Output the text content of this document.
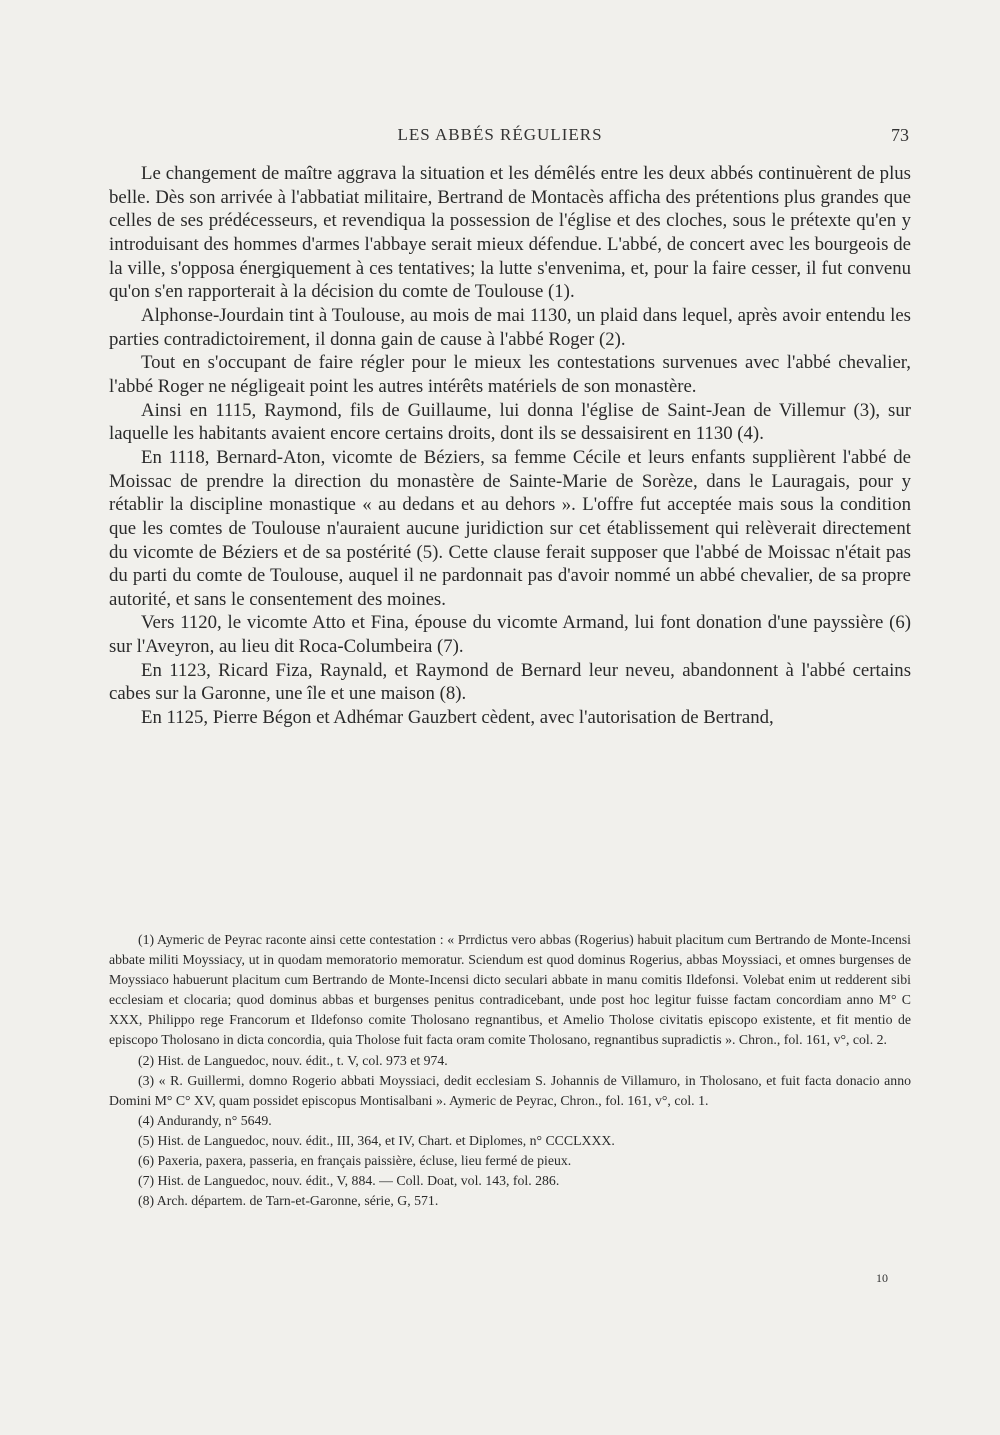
LES ABBÉS RÉGULIERS	73

Le changement de maître aggrava la situation et les démêlés entre les deux abbés continuèrent de plus belle. Dès son arrivée à l'abbatiat militaire, Bertrand de Montacès afficha des prétentions plus grandes que celles de ses prédécesseurs, et revendiqua la possession de l'église et des cloches, sous le prétexte qu'en y introduisant des hommes d'armes l'abbaye serait mieux défendue. L'abbé, de concert avec les bourgeois de la ville, s'opposa énergiquement à ces tentatives; la lutte s'envenima, et, pour la faire cesser, il fut convenu qu'on s'en rapporterait à la décision du comte de Toulouse (1).

Alphonse-Jourdain tint à Toulouse, au mois de mai 1130, un plaid dans lequel, après avoir entendu les parties contradictoirement, il donna gain de cause à l'abbé Roger (2).

Tout en s'occupant de faire régler pour le mieux les contestations survenues avec l'abbé chevalier, l'abbé Roger ne négligeait point les autres intérêts matériels de son monastère.

Ainsi en 1115, Raymond, fils de Guillaume, lui donna l'église de Saint-Jean de Villemur (3), sur laquelle les habitants avaient encore certains droits, dont ils se dessaisirent en 1130 (4).

En 1118, Bernard-Aton, vicomte de Béziers, sa femme Cécile et leurs enfants supplièrent l'abbé de Moissac de prendre la direction du monastère de Sainte-Marie de Sorèze, dans le Lauragais, pour y rétablir la discipline monastique « au dedans et au dehors ». L'offre fut acceptée mais sous la condition que les comtes de Toulouse n'auraient aucune juridiction sur cet établissement qui relèverait directement du vicomte de Béziers et de sa postérité (5). Cette clause ferait supposer que l'abbé de Moissac n'était pas du parti du comte de Toulouse, auquel il ne pardonnait pas d'avoir nommé un abbé chevalier, de sa propre autorité, et sans le consentement des moines.

Vers 1120, le vicomte Atto et Fina, épouse du vicomte Armand, lui font donation d'une payssière (6) sur l'Aveyron, au lieu dit Roca-Columbeira (7).

En 1123, Ricard Fiza, Raynald, et Raymond de Bernard leur neveu, abandonnent à l'abbé certains cabes sur la Garonne, une île et une maison (8).

En 1125, Pierre Bégon et Adhémar Gauzbert cèdent, avec l'autorisation de Bertrand,

(1) Aymeric de Peyrac raconte ainsi cette contestation : « Prrdictus vero abbas (Rogerius) habuit placitum cum Bertrando de Monte-Incensi abbate militi Moyssiacy, ut in quodam memoratorio memoratur. Sciendum est quod dominus Rogerius, abbas Moyssiaci, et omnes burgenses de Moyssiaco habuerunt placitum cum Bertrando de Monte-Incensi dicto seculari abbate in manu comitis Ildefonsi. Volebat enim ut redderent sibi ecclesiam et clocaria; quod dominus abbas et burgenses penitus contradicebant, unde post hoc legitur fuisse factam concordiam anno M° C XXX, Philippo rege Francorum et Ildefonso comite Tholosano regnantibus, et Amelio Tholose civitatis episcopo existente, et fit mentio de episcopo Tholosano in dicta concordia, quia Tholose fuit facta oram comite Tholosano, regnantibus supradictis ». Chron., fol. 161, v°, col. 2.

(2) Hist. de Languedoc, nouv. édit., t. V, col. 973 et 974.

(3) « R. Guillermi, domno Rogerio abbati Moyssiaci, dedit ecclesiam S. Johannis de Villamuro, in Tholosano, et fuit facta donacio anno Domini M° C° XV, quam possidet episcopus Montisalbani ». Aymeric de Peyrac, Chron., fol. 161, v°, col. 1.

(4) Andurandy, n° 5649.

(5) Hist. de Languedoc, nouv. édit., III, 364, et IV, Chart. et Diplomes, n° CCCLXXX.

(6) Paxeria, paxera, passeria, en français paissière, écluse, lieu fermé de pieux.

(7) Hist. de Languedoc, nouv. édit., V, 884. — Coll. Doat, vol. 143, fol. 286.

(8) Arch. départem. de Tarn-et-Garonne, série, G, 571.

10
